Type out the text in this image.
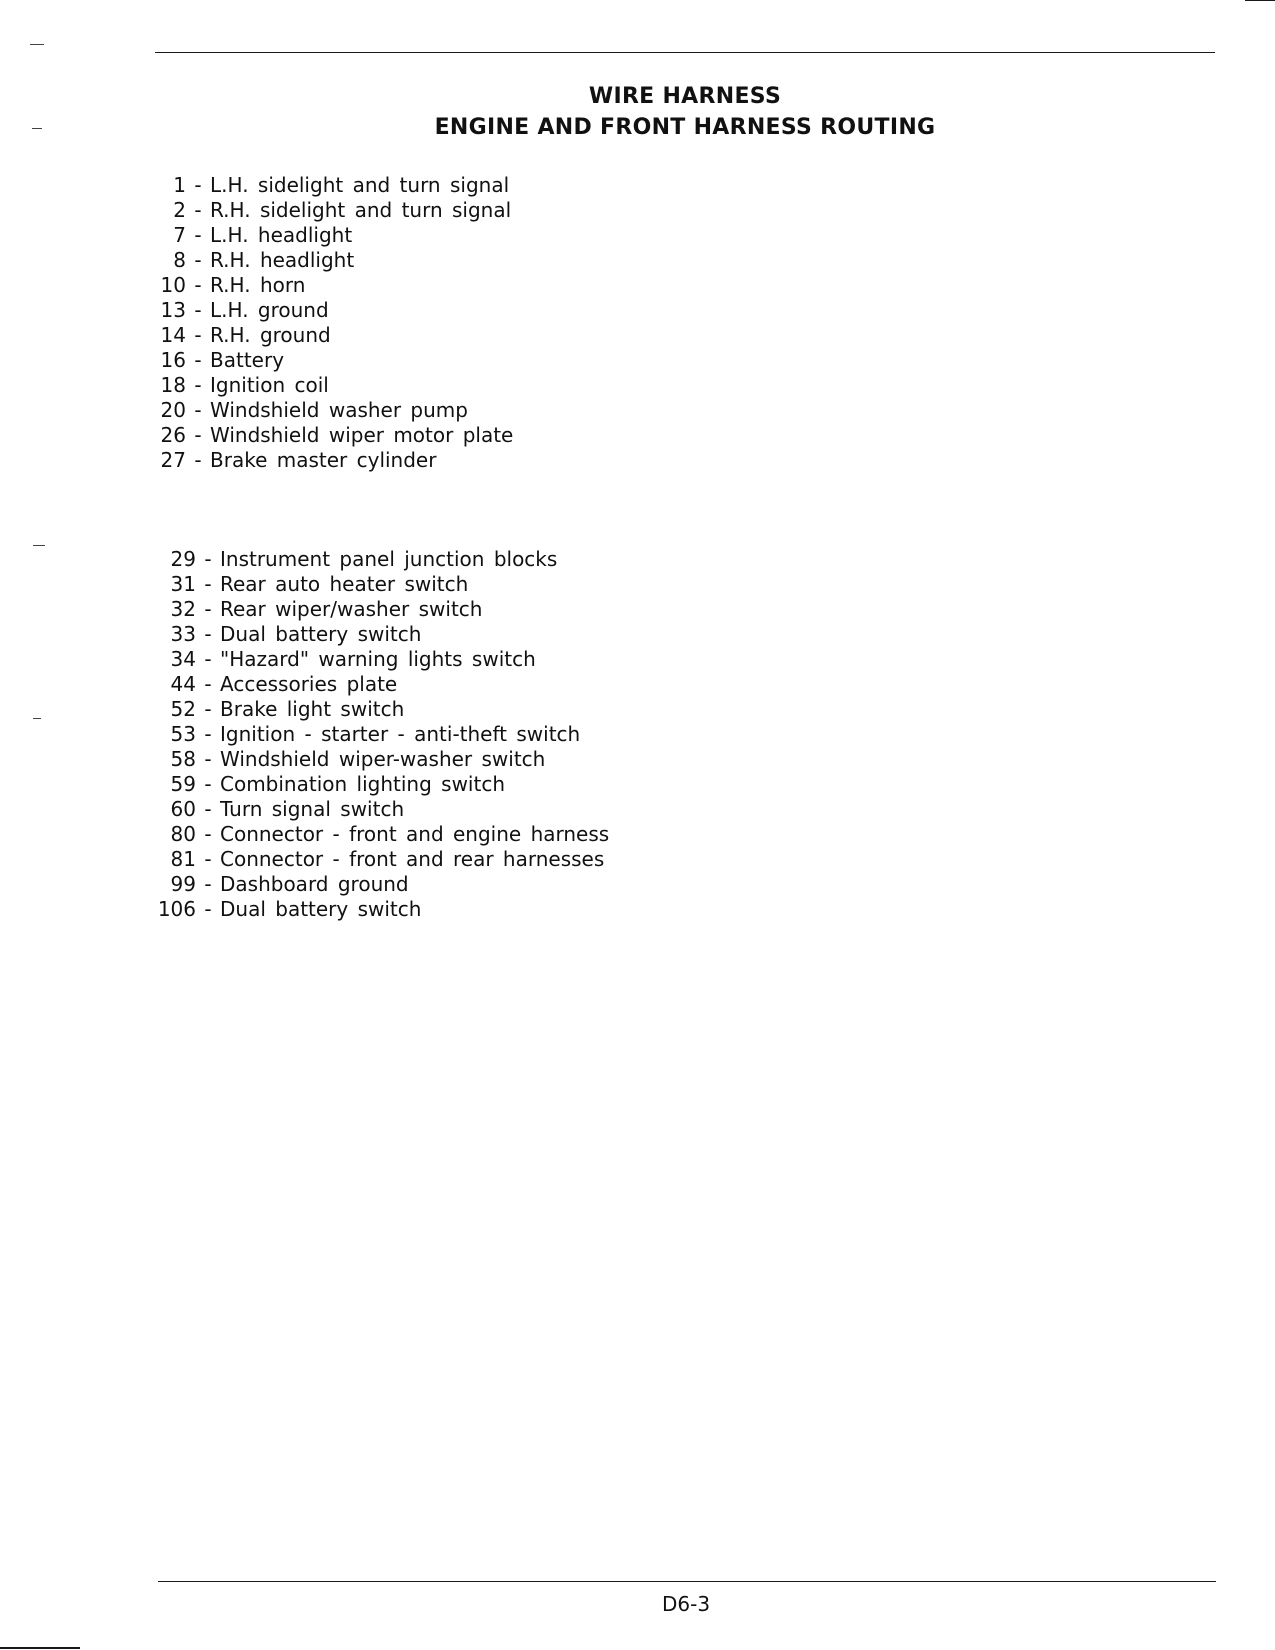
WIRE HARNESS
ENGINE AND FRONT HARNESS ROUTING
1 - L.H. sidelight and turn signal
2 - R.H. sidelight and turn signal
7 - L.H. headlight
8 - R.H. headlight
10 - R.H. horn
13 - L.H. ground
14 - R.H. ground
16 - Battery
18 - Ignition coil
20 - Windshield washer pump
26 - Windshield wiper motor plate
27 - Brake master cylinder
29 - Instrument panel junction blocks
31 - Rear auto heater switch
32 - Rear wiper/washer switch
33 - Dual battery switch
34 - "Hazard" warning lights switch
44 - Accessories plate
52 - Brake light switch
53 - Ignition - starter - anti-theft switch
58 - Windshield wiper-washer switch
59 - Combination lighting switch
60 - Turn signal switch
80 - Connector - front and engine harness
81 - Connector - front and rear harnesses
99 - Dashboard ground
106 - Dual battery switch
D6-3
